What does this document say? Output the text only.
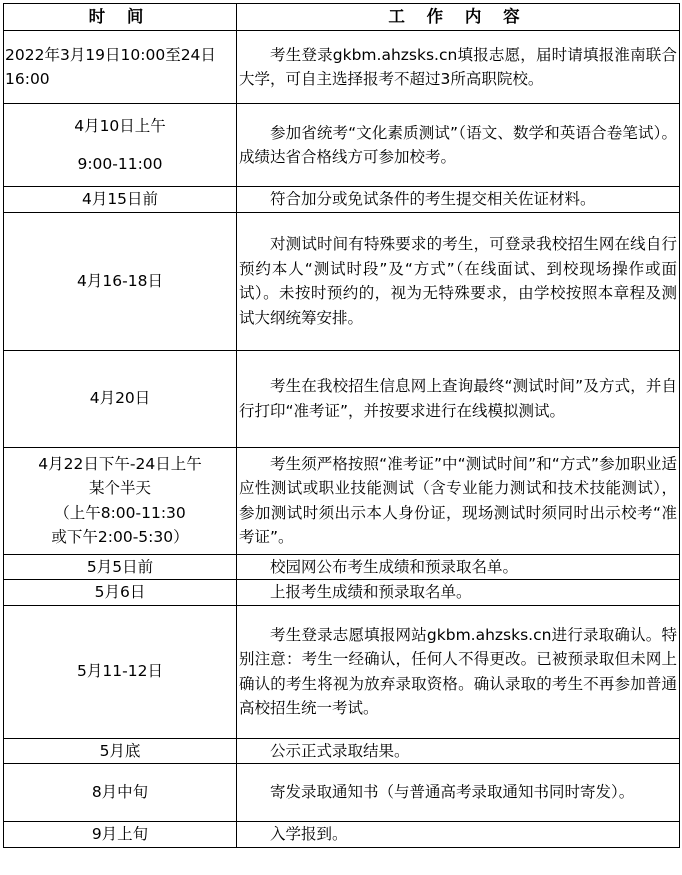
时 间	工 作 内 容

2022年3月19日10:00至24日16:00	考生登录gkbm.ahzsks.cn填报志愿，届时请填报淮南联合大学，可自主选择报考不超过3所高职院校。

4月10日上午
9:00-11:00	参加省统考“文化素质测试”（语文、数学和英语合卷笔试）。成绩达省合格线方可参加校考。

4月15日前	符合加分或免试条件的考生提交相关佐证材料。

4月16-18日	对测试时间有特殊要求的考生，可登录我校招生网在线自行预约本人“测试时段”及“方式”（在线面试、到校现场操作或面试）。未按时预约的，视为无特殊要求，由学校按照本章程及测试大纲统筹安排。

4月20日	考生在我校招生信息网上查询最终“测试时间”及方式，并自行打印“准考证”，并按要求进行在线模拟测试。

4月22日下午-24日上午
某个半天
（上午8:00-11:30
或下午2:00-5:30）	考生须严格按照“准考证”中“测试时间”和“方式”参加职业适应性测试或职业技能测试（含专业能力测试和技术技能测试），参加测试时须出示本人身份证，现场测试时须同时出示校考“准考证”。

5月5日前	校园网公布考生成绩和预录取名单。

5月6日	上报考生成绩和预录取名单。

5月11-12日	考生登录志愿填报网站gkbm.ahzsks.cn进行录取确认。特别注意：考生一经确认，任何人不得更改。已被预录取但未网上确认的考生将视为放弃录取资格。确认录取的考生不再参加普通高校招生统一考试。

5月底	公示正式录取结果。

8月中旬	寄发录取通知书（与普通高考录取通知书同时寄发）。

9月上旬	入学报到。
